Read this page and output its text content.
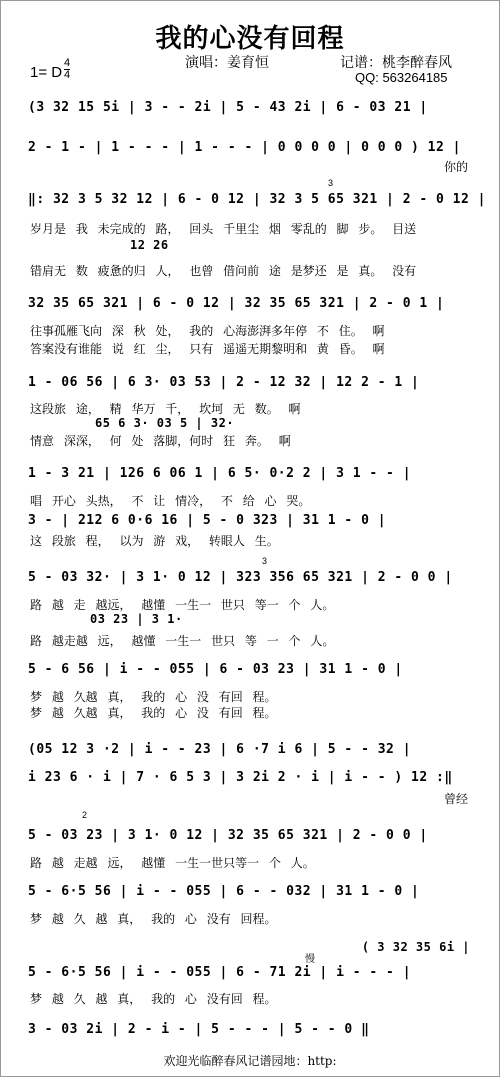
我的心没有回程
演唱：姜育恒	记谱：桃李醉春风
QQ: 563264185
1= D
4
4
(3 32 15 5i | 3 - - 2i | 5 - 43 2i | 6 - 03 21 |
2 - 1 - | 1 - - - | 1 - - - | 0 0 0 0 | 0 0 0 ) 12 |
你的
‖: 32 3 5 32 12 | 6 - 0 12 | 32 3 5 65 321 | 2 - 0 12 |
岁月是 我 未完成的 路， 回头 千里尘 烟 零乱的 脚 步。 目送
12 26
错肩无 数 疲惫的归 人， 也曾 借问前 途 是梦还 是 真。 没有
32 35 65 321 | 6 - 0 12 | 32 35 65 321 | 2 - 0 1 |
往事孤雁飞向 深 秋 处， 我的 心海澎湃多年停 不 住。 啊
答案没有谁能 说 红 尘， 只有 遥遥无期黎明和 黄 昏。 啊
1 - 06 56 | 6 3· 03 53 | 2 - 12 32 | 12 2 - 1 |
这段旅 途， 精 华万 千， 坎坷 无 数。 啊
65 6 3· 03 5 | 32·
情意 深深， 何 处 落脚，何时 狂 奔。 啊
1 - 3 21 | 126 6 06 1 | 6 5· 0·2 2 | 3 1 - - |
唱 开心 头热， 不 让 情冷， 不 给 心 哭。
3 - | 212 6 0·6 16 | 5 - 0 323 | 31 1 - 0 |
这 段旅 程， 以为 游 戏， 转眼人 生。
5 - 03 32· | 3 1· 0 12 | 323 356 65 321 | 2 - 0 0 |
路 越 走 越远， 越懂 一生一 世只 等一 个 人。
03 23 | 3 1·
路 越走越 远， 越懂 一生一 世只 等 一 个 人。
5 - 6 56 | i - - 055 | 6 - 03 23 | 31 1 - 0 |
梦 越 久越 真， 我的 心 没 有回 程。
梦 越 久越 真， 我的 心 没 有回 程。
(05 12 3 ·2 | i - - 23 | 6 ·7 i 6 | 5 - - 32 |
i 23 6 · i | 7 · 6 5 3 | 3 2i 2 · i | i - - ) 12 :‖
曾经
5 - 03 23 | 3 1· 0 12 | 32 35 65 321 | 2 - 0 0 |
路 越 走越 远， 越懂 一生一世只等一 个 人。
5 - 6·5 56 | i - - 055 | 6 - - 032 | 31 1 - 0 |
梦 越 久 越 真， 我的 心 没有 回程。
( 3 32 35 6i |
5 - 6·5 56 | i - - 055 | 6 - 71 2i | i - - - |
梦 越 久 越 真， 我的 心 没有回 程。
3 - 03 2i | 2 - i - | 5 - - - | 5 - - 0 ‖
3
3
慢
2
欢迎光临醉春风记谱园地：http:
